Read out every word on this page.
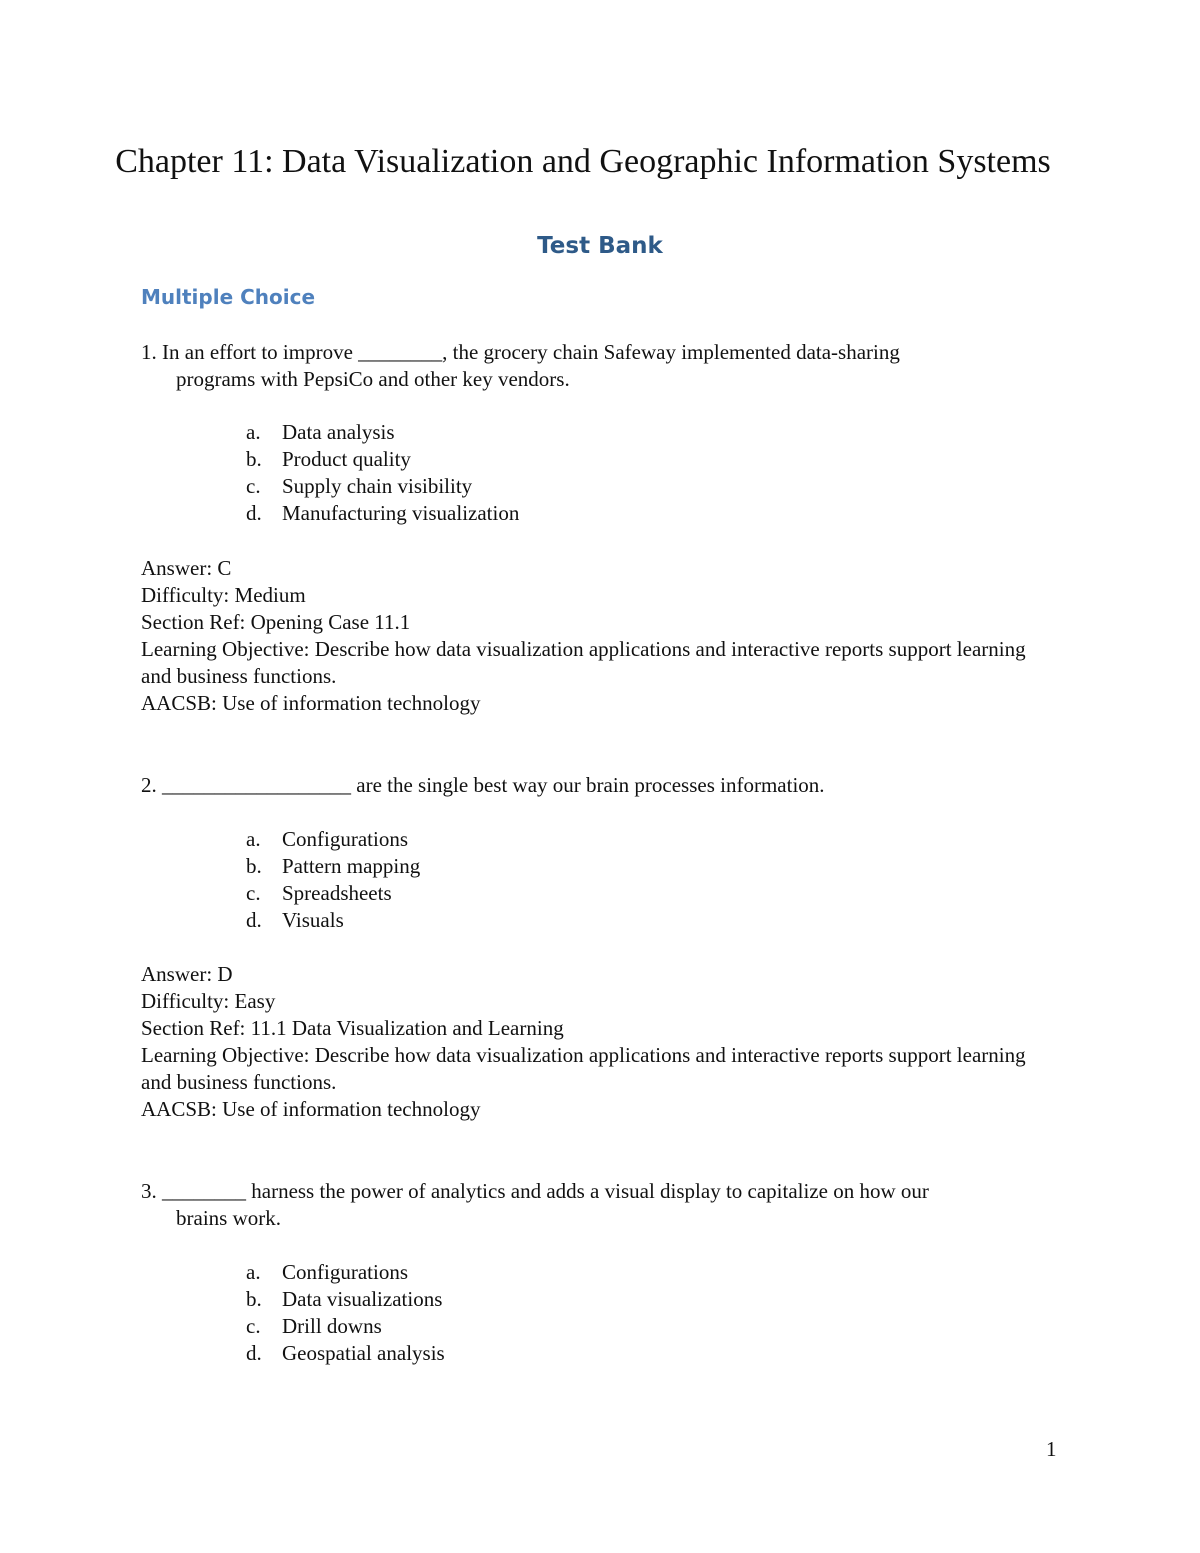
Chapter 11: Data Visualization and Geographic Information Systems
Test Bank
Multiple Choice
1. In an effort to improve ________, the grocery chain Safeway implemented data-sharing
programs with PepsiCo and other key vendors.
a. Data analysis
b. Product quality
c. Supply chain visibility
d. Manufacturing visualization
Answer: C
Difficulty: Medium
Section Ref: Opening Case 11.1
Learning Objective: Describe how data visualization applications and interactive reports support learning and business functions.
AACSB: Use of information technology
2. __________________ are the single best way our brain processes information.
a. Configurations
b. Pattern mapping
c. Spreadsheets
d. Visuals
Answer: D
Difficulty: Easy
Section Ref: 11.1 Data Visualization and Learning
Learning Objective: Describe how data visualization applications and interactive reports support learning and business functions.
AACSB: Use of information technology
3. ________ harness the power of analytics and adds a visual display to capitalize on how our
brains work.
a. Configurations
b. Data visualizations
c. Drill downs
d. Geospatial analysis
1
